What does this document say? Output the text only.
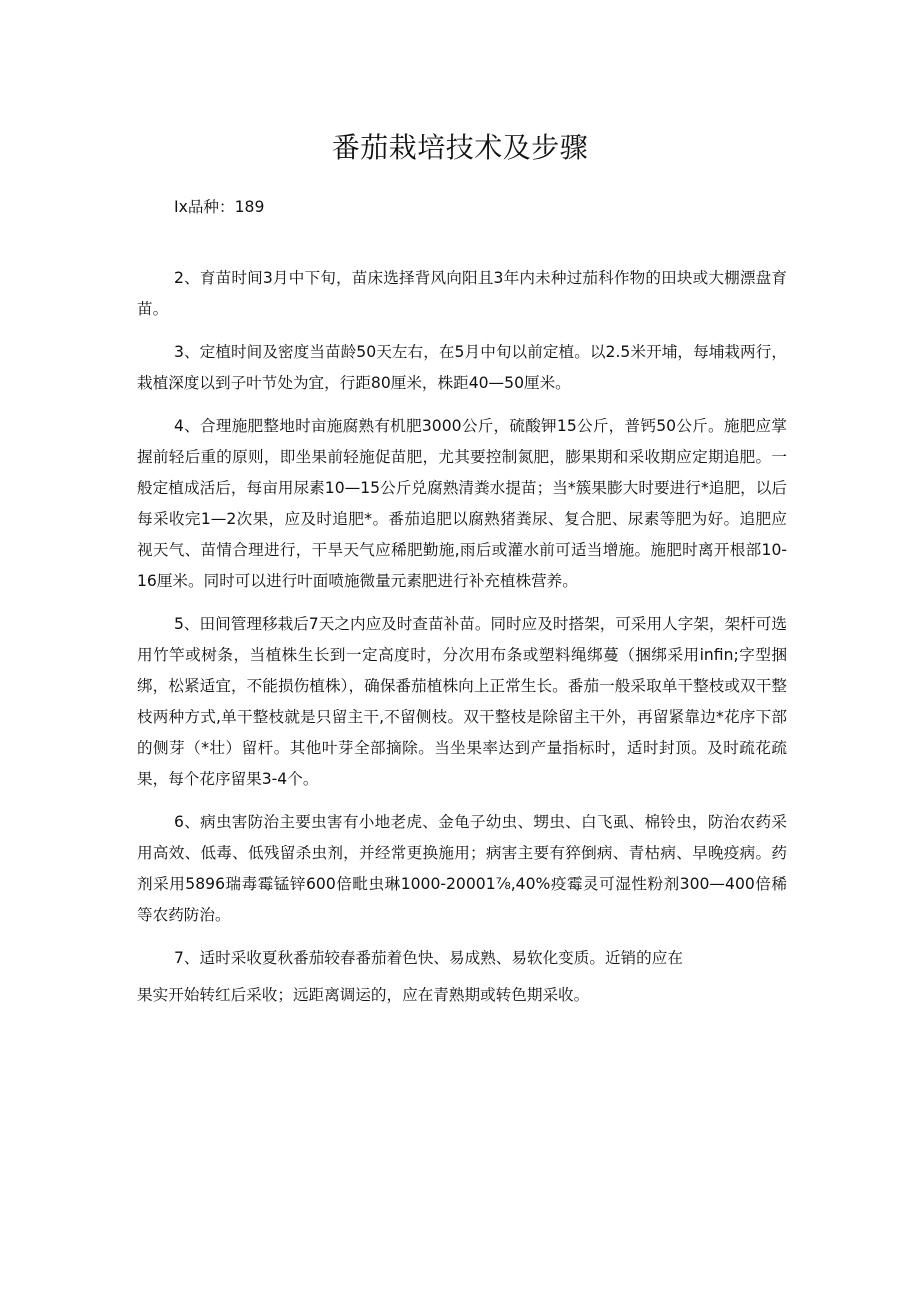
番茄栽培技术及步骤

Ix品种：189

2、育苗时间3月中下旬，苗床选择背风向阳且3年内未种过茄科作物的田块或大棚漂盘育苗。

3、定植时间及密度当苗龄50天左右，在5月中旬以前定植。以2.5米开埔，每埔栽两行，栽植深度以到子叶节处为宜，行距80厘米，株距40—50厘米。

4、合理施肥整地时亩施腐熟有机肥3000公斤，硫酸钾15公斤，普钙50公斤。施肥应掌握前轻后重的原则，即坐果前轻施促苗肥，尤其要控制氮肥，膨果期和采收期应定期追肥。一般定植成活后，每亩用尿素10—15公斤兑腐熟清粪水提苗；当*簇果膨大时要进行*追肥，以后每采收完1—2次果，应及时追肥*。番茄追肥以腐熟猪粪尿、复合肥、尿素等肥为好。追肥应视天气、苗情合理进行，干旱天气应稀肥勤施,雨后或灌水前可适当增施。施肥时离开根部10-16厘米。同时可以进行叶面喷施微量元素肥进行补充植株营养。

5、田间管理移栽后7天之内应及时查苗补苗。同时应及时搭架，可采用人字架，架杆可选用竹竿或树条，当植株生长到一定高度时，分次用布条或塑料绳绑蔓（捆绑采用infin;字型捆绑，松紧适宜，不能损伤植株），确保番茄植株向上正常生长。番茄一般采取单干整枝或双干整枝两种方式,单干整枝就是只留主干,不留侧枝。双干整枝是除留主干外，再留紧靠边*花序下部的侧芽（*壮）留杆。其他叶芽全部摘除。当坐果率达到产量指标时，适时封顶。及时疏花疏果，每个花序留果3-4个。

6、病虫害防治主要虫害有小地老虎、金龟子幼虫、甥虫、白飞虱、棉铃虫，防治农药采用高效、低毒、低残留杀虫剂，并经常更换施用；病害主要有猝倒病、青枯病、早晚疫病。药剂采用5896瑞毒霉锰锌600倍毗虫琳1000-20001⅞,40%疫霉灵可湿性粉剂300—400倍稀等农药防治。

7、适时采收夏秋番茄较春番茄着色快、易成熟、易软化变质。近销的应在

果实开始转红后采收；远距离调运的，应在青熟期或转色期采收。
